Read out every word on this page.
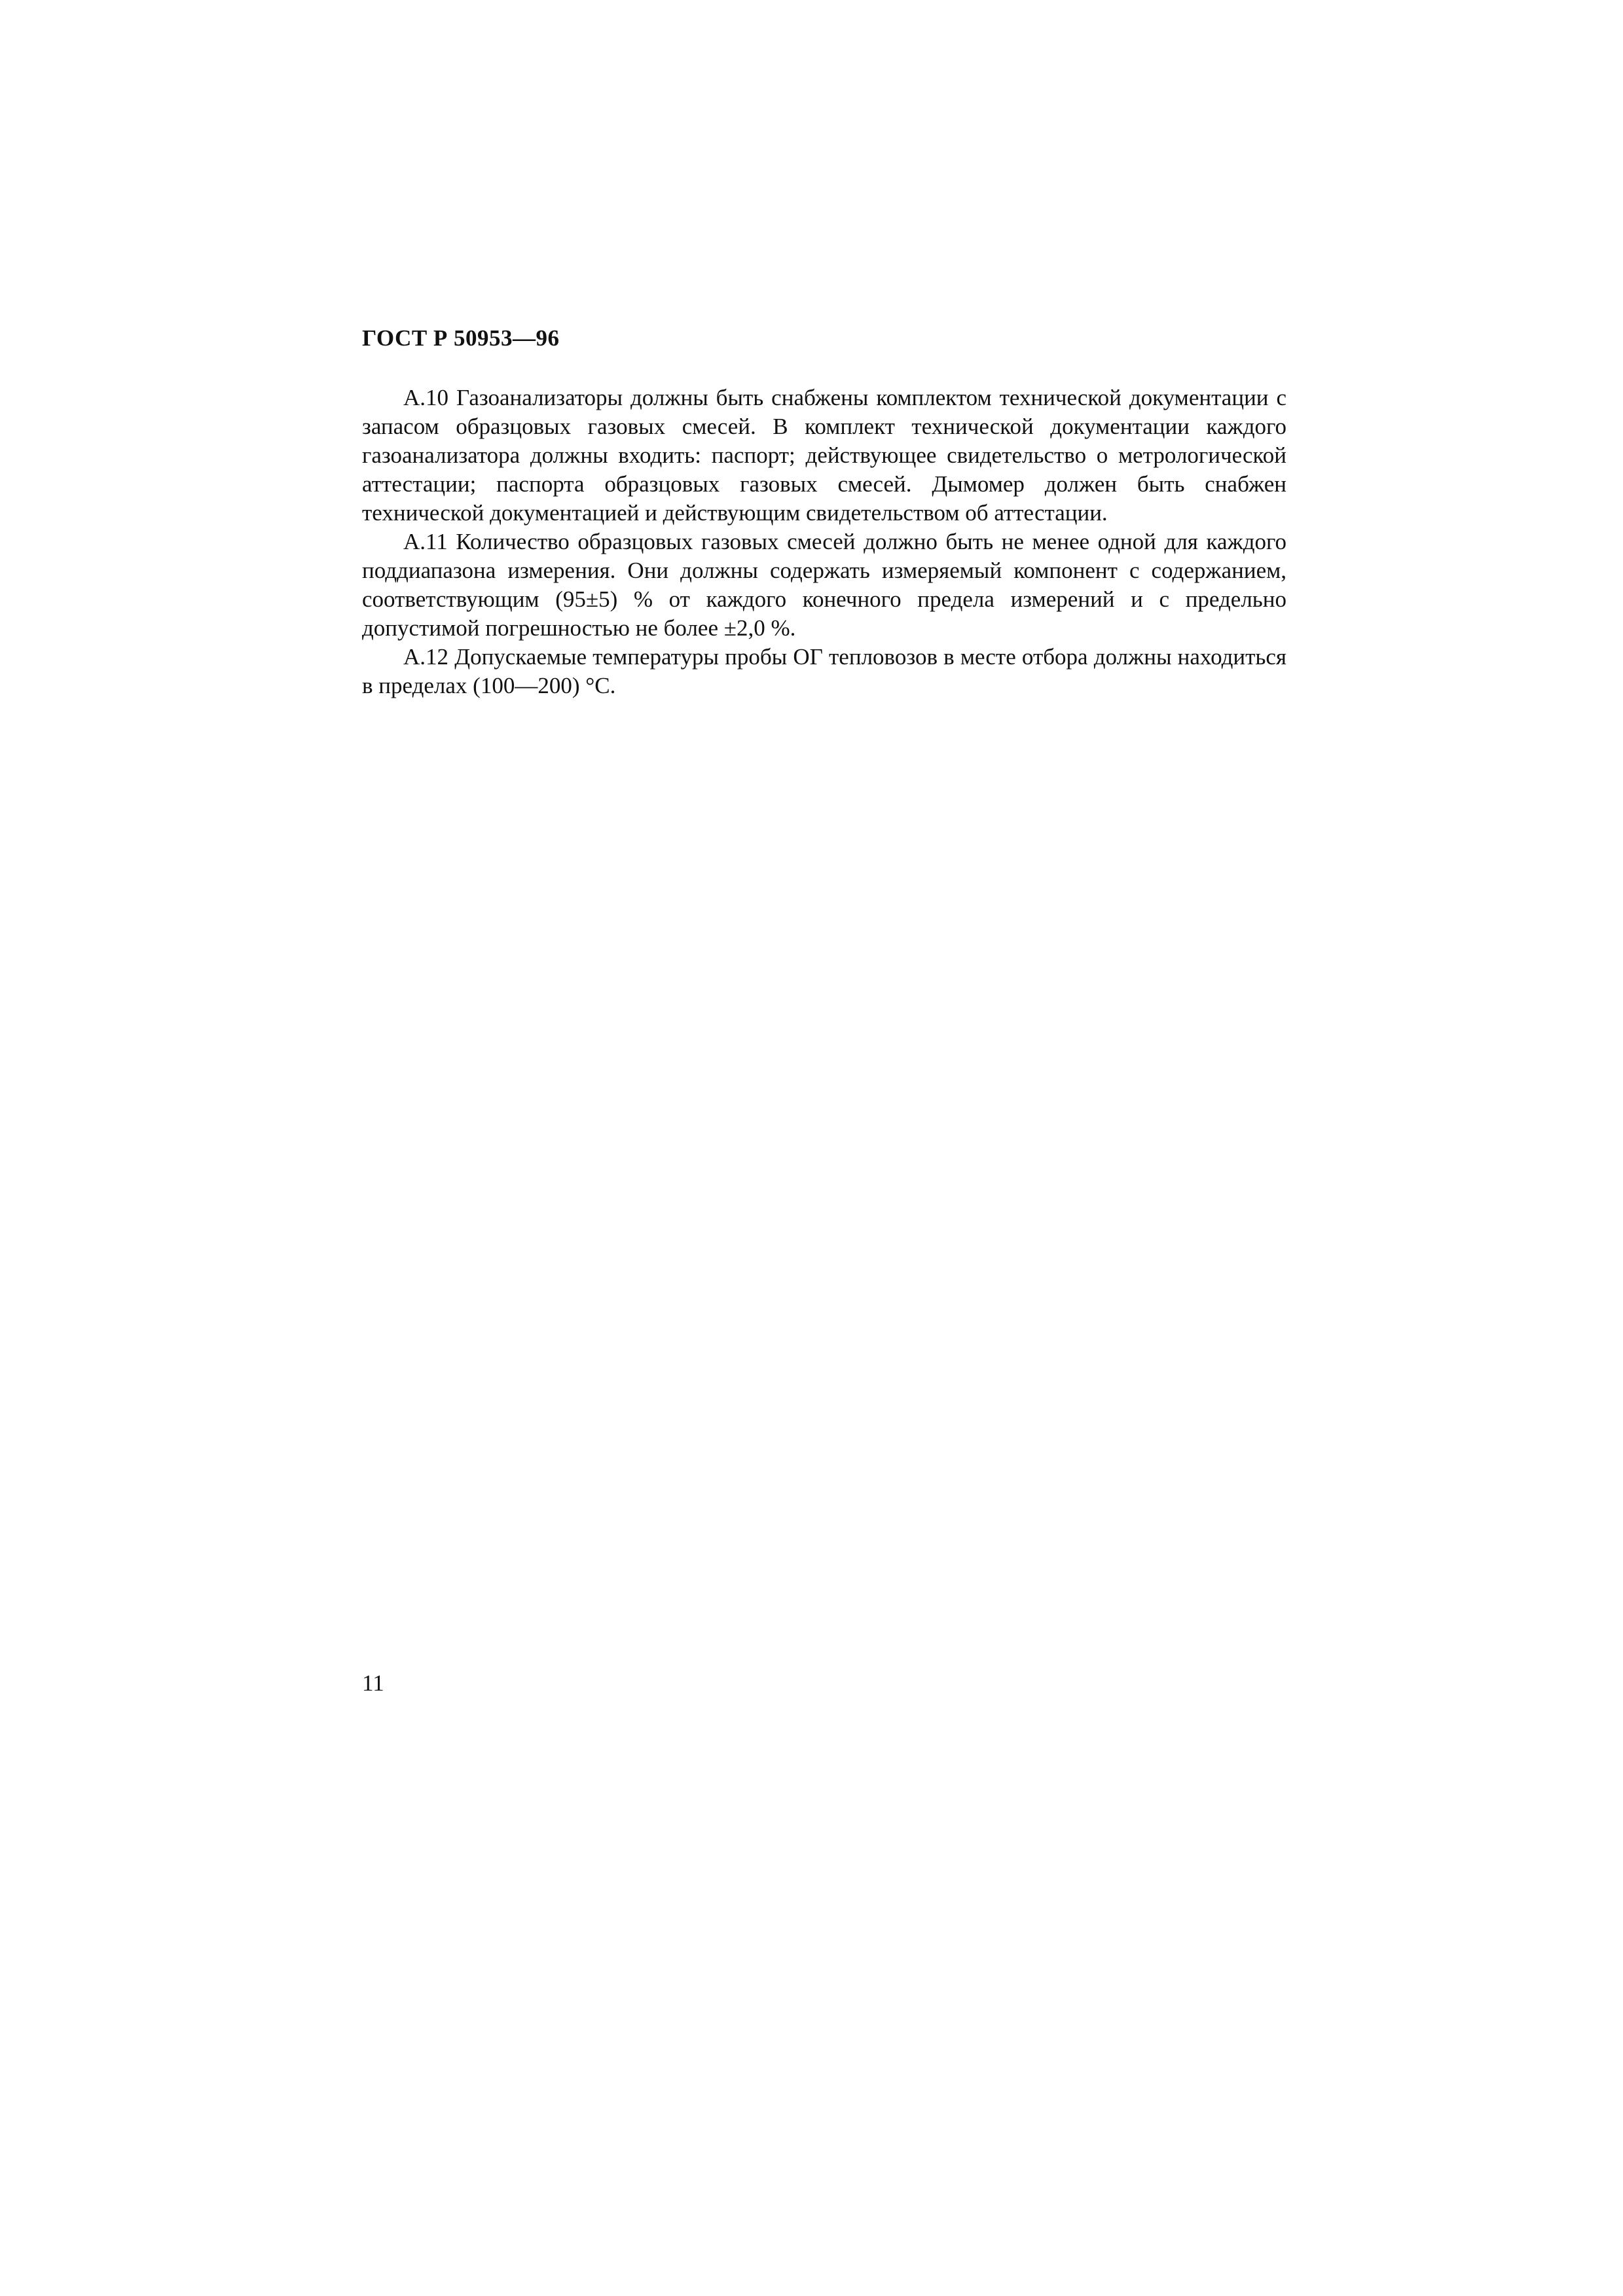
ГОСТ Р 50953—96

А.10 Газоанализаторы должны быть снабжены комплектом технической документации с запасом образцовых газовых смесей. В комплект технической документации каждого газоанализатора должны входить: паспорт; действующее свидетельство о метрологической аттестации; паспорта образцовых газовых смесей. Дымомер должен быть снабжен технической документацией и действующим свидетельством об аттестации.

А.11 Количество образцовых газовых смесей должно быть не менее одной для каждого поддиапазона измерения. Они должны содержать измеряемый компонент с содержанием, соответствующим (95±5) % от каждого конечного предела измерений и с предельно допустимой погрешностью не более ±2,0 %.

А.12 Допускаемые температуры пробы ОГ тепловозов в месте отбора должны находиться в пределах (100—200) °С.

11
